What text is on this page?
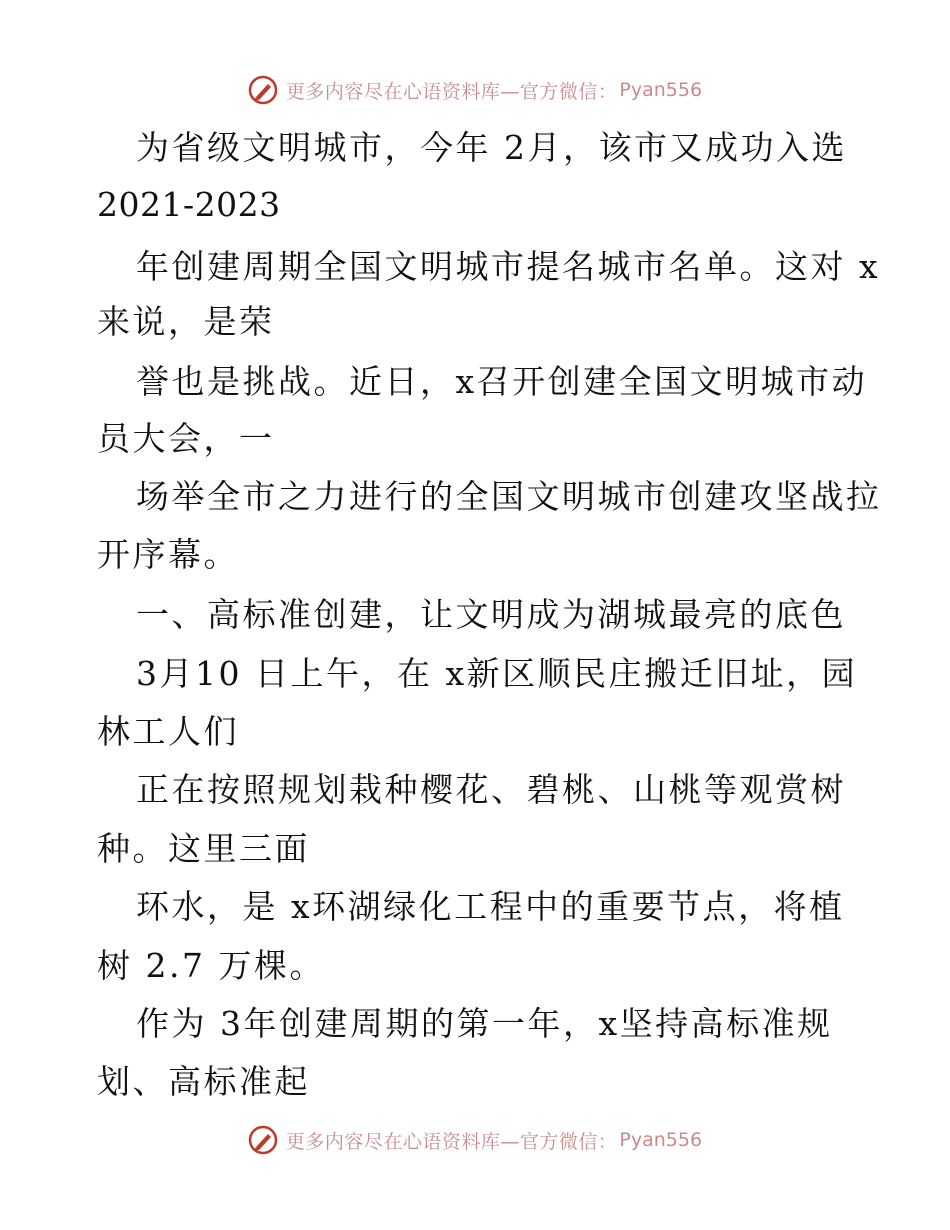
更多内容尽在心语资料库—官方微信： Pyan556
为省级文明城市，今年 2月，该市又成功入选
2021-2023
年创建周期全国文明城市提名城市名单。这对 x
来说，是荣
誉也是挑战。近日，x召开创建全国文明城市动
员大会，一
场举全市之力进行的全国文明城市创建攻坚战拉
开序幕。
一、高标准创建，让文明成为湖城最亮的底色
3月10 日上午，在 x新区顺民庄搬迁旧址，园
林工人们
正在按照规划栽种樱花、碧桃、山桃等观赏树
种。这里三面
环水，是 x环湖绿化工程中的重要节点，将植
树 2.7 万棵。
作为 3年创建周期的第一年，x坚持高标准规
划、高标准起
更多内容尽在心语资料库—官方微信： Pyan556
